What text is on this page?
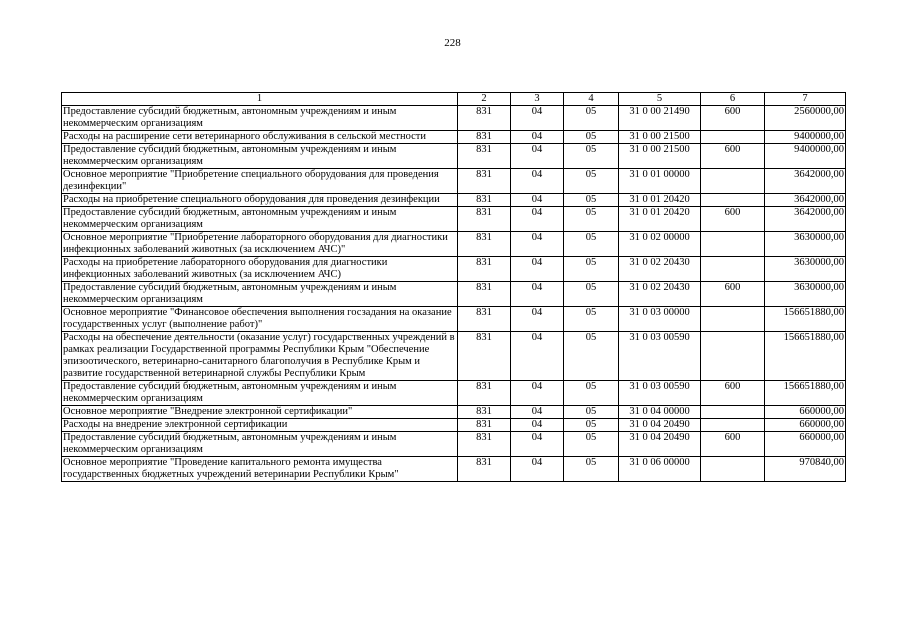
228
1	2	3	4	5	6	7
Предоставление субсидий бюджетным, автономным учреждениям и иным некоммерческим организациям	831	04	05	31 0 00 21490	600	2560000,00
Расходы на расширение сети ветеринарного обслуживания в сельской местности	831	04	05	31 0 00 21500		9400000,00
Предоставление субсидий бюджетным, автономным учреждениям и иным некоммерческим организациям	831	04	05	31 0 00 21500	600	9400000,00
Основное мероприятие "Приобретение специального оборудования для проведения дезинфекции"	831	04	05	31 0 01 00000		3642000,00
Расходы на приобретение специального оборудования для проведения дезинфекции	831	04	05	31 0 01 20420		3642000,00
Предоставление субсидий бюджетным, автономным учреждениям и иным некоммерческим организациям	831	04	05	31 0 01 20420	600	3642000,00
Основное мероприятие "Приобретение лабораторного оборудования для диагностики инфекционных заболеваний животных (за исключением АЧС)"	831	04	05	31 0 02 00000		3630000,00
Расходы на приобретение лабораторного оборудования для диагностики инфекционных заболеваний животных (за исключением АЧС)	831	04	05	31 0 02 20430		3630000,00
Предоставление субсидий бюджетным, автономным учреждениям и иным некоммерческим организациям	831	04	05	31 0 02 20430	600	3630000,00
Основное мероприятие "Финансовое обеспечения выполнения госзадания на оказание государственных услуг (выполнение работ)"	831	04	05	31 0 03 00000		156651880,00
Расходы на обеспечение деятельности (оказание услуг) государственных учреждений в рамках реализации Государственной программы Республики Крым "Обеспечение эпизоотического, ветеринарно-санитарного благополучия в Республике Крым и развитие государственной ветеринарной службы Республики Крым	831	04	05	31 0 03 00590		156651880,00
Предоставление субсидий бюджетным, автономным учреждениям и иным некоммерческим организациям	831	04	05	31 0 03 00590	600	156651880,00
Основное мероприятие "Внедрение электронной сертификации"	831	04	05	31 0 04 00000		660000,00
Расходы на внедрение электронной сертификации	831	04	05	31 0 04 20490		660000,00
Предоставление субсидий бюджетным, автономным учреждениям и иным некоммерческим организациям	831	04	05	31 0 04 20490	600	660000,00
Основное мероприятие "Проведение капитального ремонта имущества государственных бюджетных учреждений ветеринарии Республики Крым"	831	04	05	31 0 06 00000		970840,00
